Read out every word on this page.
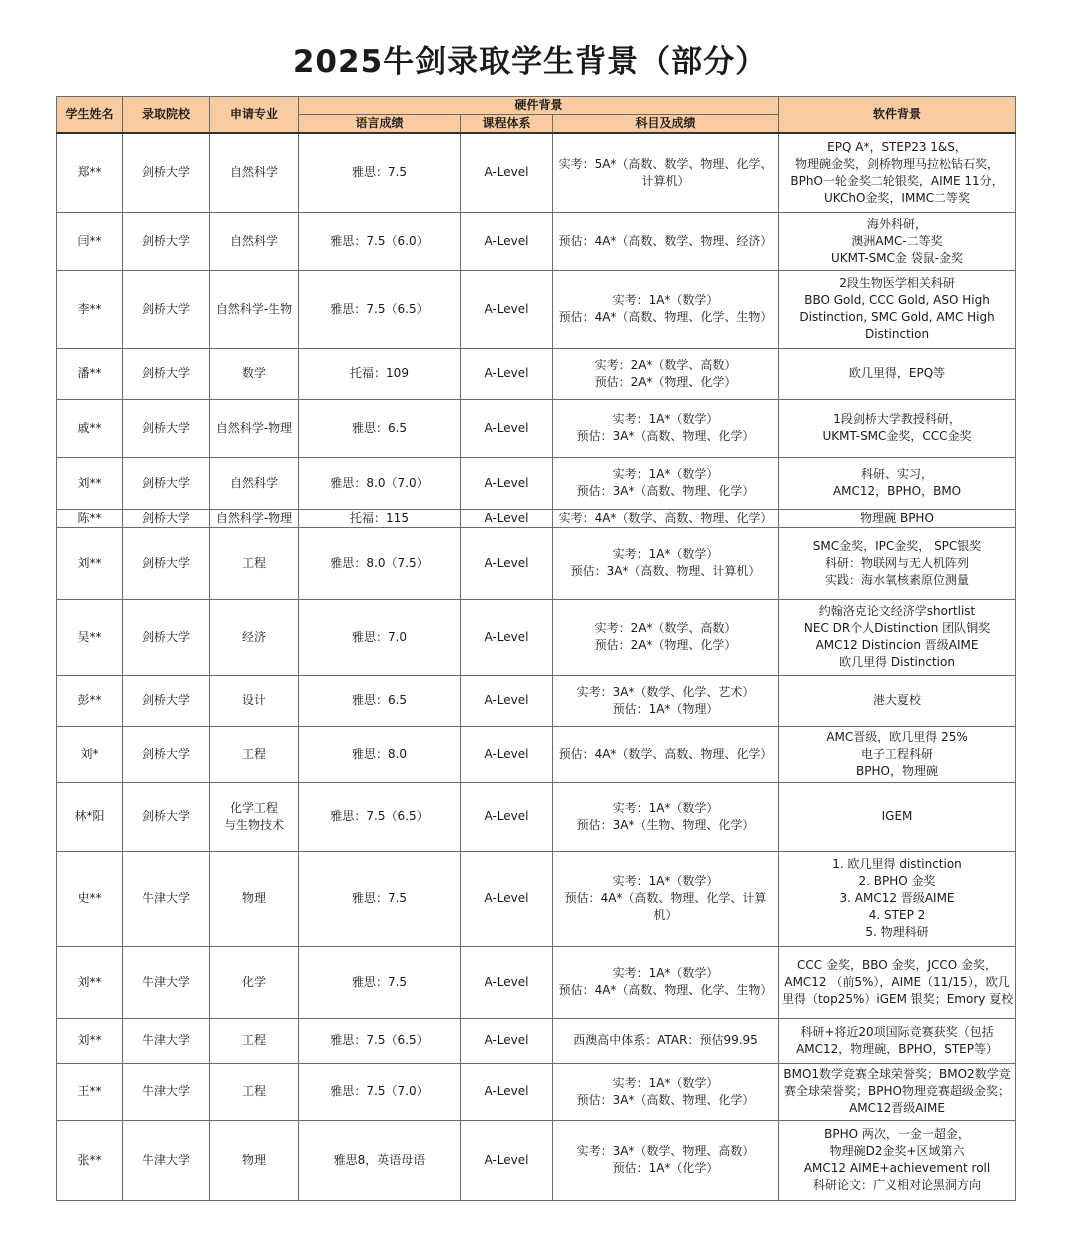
2025牛剑录取学生背景（部分）
学生姓名	录取院校	申请专业	硬件背景			软件背景
			语言成绩	课程体系	科目及成绩	
郑**	剑桥大学	自然科学	雅思：7.5	A-Level	实考：5A*（高数、数学、物理、化学、
计算机）	EPQ A*，STEP23 1&S，
物理碗金奖，剑桥物理马拉松钻石奖，
BPhO一轮金奖二轮银奖，AIME 11分，
UKChO金奖，IMMC二等奖

闫**	剑桥大学	自然科学	雅思：7.5（6.0）	A-Level	预估：4A*（高数、数学、物理、经济）	海外科研，
澳洲AMC-二等奖
UKMT-SMC金 袋鼠-金奖

李**	剑桥大学	自然科学-生物	雅思：7.5（6.5）	A-Level	实考：1A*（数学）
预估：4A*（高数、物理、化学、生物）	2段生物医学相关科研
BBO Gold, CCC Gold, ASO High
Distinction, SMC Gold, AMC High
Distinction

潘**	剑桥大学	数学	托福：109	A-Level	实考：2A*（数学、高数）
预估：2A*（物理、化学）	欧几里得，EPQ等

戚**	剑桥大学	自然科学-物理	雅思：6.5	A-Level	实考：1A*（数学）
预估：3A*（高数、物理、化学）	1段剑桥大学教授科研，
UKMT-SMC金奖，CCC金奖

刘**	剑桥大学	自然科学	雅思：8.0（7.0）	A-Level	实考：1A*（数学）
预估：3A*（高数、物理、化学）	科研、实习，
AMC12，BPHO，BMO

陈**	剑桥大学	自然科学-物理	托福：115	A-Level	实考：4A*（数学、高数、物理、化学）	物理碗 BPHO

刘**	剑桥大学	工程	雅思：8.0（7.5）	A-Level	实考：1A*（数学）
预估：3A*（高数、物理、计算机）	SMC金奖，IPC金奖， SPC银奖
科研：物联网与无人机阵列
实践：海水氧核素原位测量

吴**	剑桥大学	经济	雅思：7.0	A-Level	实考：2A*（数学、高数）
预估：2A*（物理、化学）	约翰洛克论文经济学shortlist
NEC DR个人Distinction 团队铜奖
AMC12 Distincion 晋级AIME
欧几里得 Distinction

彭**	剑桥大学	设计	雅思：6.5	A-Level	实考：3A*（数学、化学、艺术）
预估：1A*（物理）	港大夏校

刘*	剑桥大学	工程	雅思：8.0	A-Level	预估：4A*（数学、高数、物理、化学）	AMC晋级，欧几里得 25%
电子工程科研
BPHO，物理碗

林*阳	剑桥大学	化学工程
与生物技术	雅思：7.5（6.5）	A-Level	实考：1A*（数学）
预估：3A*（生物、物理、化学）	IGEM

史**	牛津大学	物理	雅思：7.5	A-Level	实考：1A*（数学）
预估：4A*（高数、物理、化学、计算
机）	1. 欧几里得 distinction
2. BPHO 金奖
3. AMC12 晋级AIME
4. STEP 2
5. 物理科研

刘**	牛津大学	化学	雅思：7.5	A-Level	实考：1A*（数学）
预估：4A*（高数、物理、化学、生物）	CCC 金奖，BBO 金奖，JCCO 金奖，
AMC12 （前5%），AIME（11/15），欧几
里得（top25%）iGEM 银奖；Emory 夏校

刘**	牛津大学	工程	雅思：7.5（6.5）	A-Level	西澳高中体系：ATAR：预估99.95	科研+将近20项国际竞赛获奖（包括
AMC12，物理碗，BPHO，STEP等）

王**	牛津大学	工程	雅思：7.5（7.0）	A-Level	实考：1A*（数学）
预估：3A*（高数、物理、化学）	BMO1数学竞赛全球荣誉奖；BMO2数学竞
赛全球荣誉奖；BPHO物理竞赛超级金奖；
AMC12晋级AIME

张**	牛津大学	物理	雅思8，英语母语	A-Level	实考：3A*（数学、物理、高数）
预估：1A*（化学）	BPHO 两次，一金一超金，
物理碗D2金奖+区域第六
AMC12 AIME+achievement roll
科研论文：广义相对论黑洞方向
